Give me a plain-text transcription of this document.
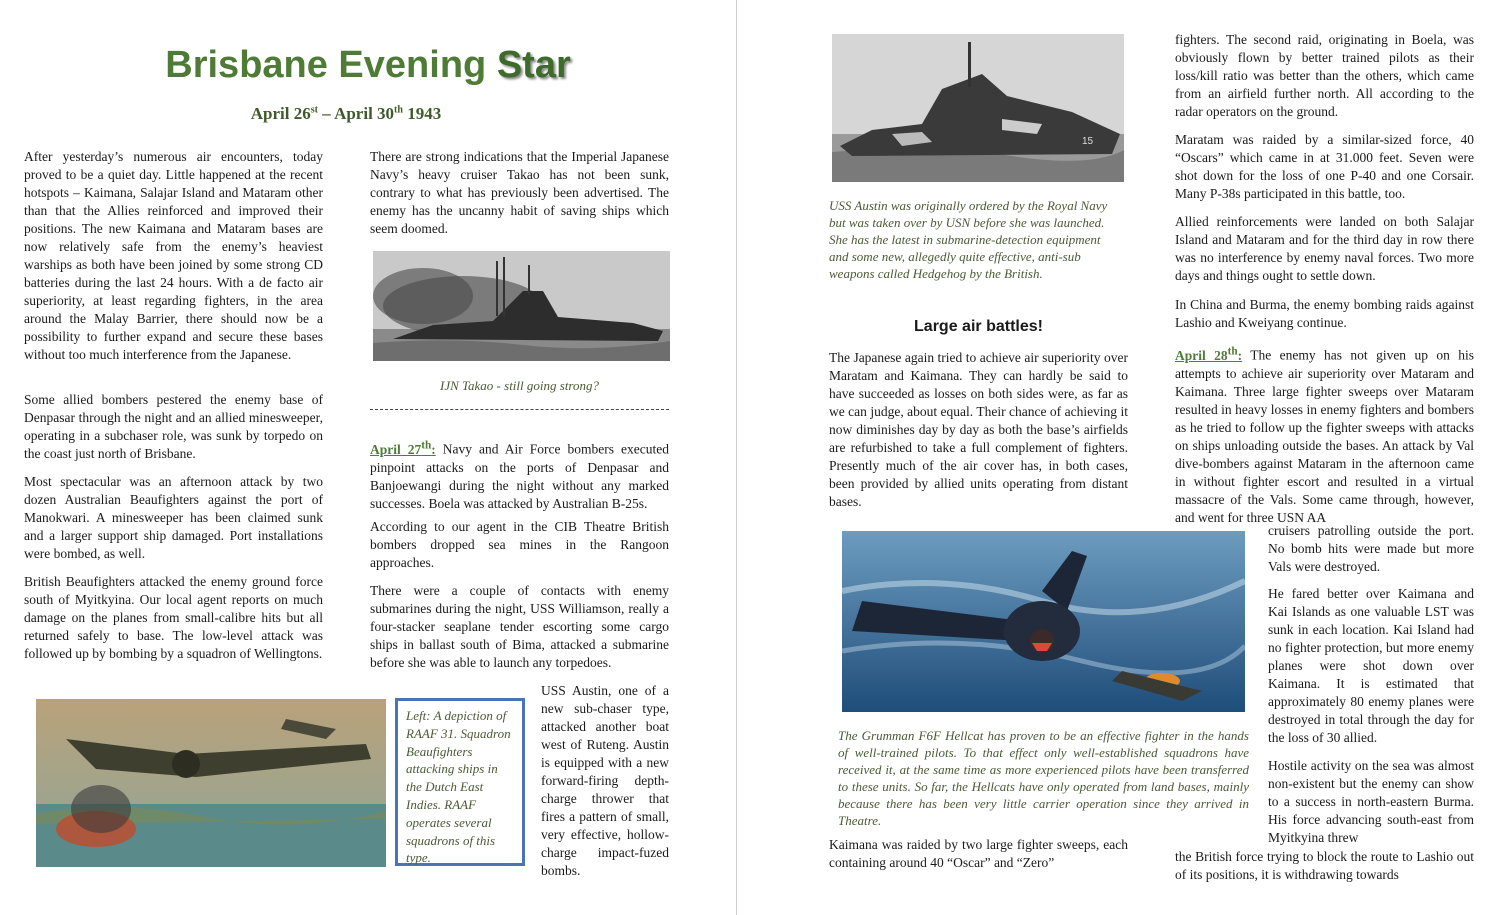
Brisbane Evening Star
April 26st – April 30th 1943

After yesterday’s numerous air encounters, today proved to be a quiet day. Little happened at the recent hotspots – Kaimana, Salajar Island and Mataram other than that the Allies reinforced and improved their positions. The new Kaimana and Mataram bases are now relatively safe from the enemy’s heaviest warships as both have been joined by some strong CD batteries during the last 24 hours. With a de facto air superiority, at least regarding fighters, in the area around the Malay Barrier, there should now be a possibility to further expand and secure these bases without too much interference from the Japanese.

Some allied bombers pestered the enemy base of Denpasar through the night and an allied minesweeper, operating in a subchaser role, was sunk by torpedo on the coast just north of Brisbane.

Most spectacular was an afternoon attack by two dozen Australian Beaufighters against the port of Manokwari. A minesweeper has been claimed sunk and a larger support ship damaged. Port installations were bombed, as well.

British Beaufighters attacked the enemy ground force south of Myitkyina. Our local agent reports on much damage on the planes from small-calibre hits but all returned safely to base. The low-level attack was followed up by bombing by a squadron of Wellingtons.

There are strong indications that the Imperial Japanese Navy’s heavy cruiser Takao has not been sunk, contrary to what has previously been advertised. The enemy has the uncanny habit of saving ships which seem doomed.

IJN Takao - still going strong?

April 27th: Navy and Air Force bombers executed pinpoint attacks on the ports of Denpasar and Banjoewangi during the night without any marked successes. Boela was attacked by Australian B-25s.

According to our agent in the CIB Theatre British bombers dropped sea mines in the Rangoon approaches.

There were a couple of contacts with enemy submarines during the night, USS Williamson, really a four-stacker seaplane tender escorting some cargo ships in ballast south of Bima, attacked a submarine before she was able to launch any torpedoes.

Left: A depiction of RAAF 31. Squadron Beaufighters attacking ships in the Dutch East Indies. RAAF operates several squadrons of this type.

USS Austin, one of a new sub-chaser type, attacked another boat west of Ruteng. Austin is equipped with a new forward-firing depth-charge thrower that fires a pattern of small, very effective, hollow-charge impact-fuzed bombs.

15

USS Austin was originally ordered by the Royal Navy but was taken over by USN before she was launched. She has the latest in submarine-detection equipment and some new, allegedly quite effective, anti-sub weapons called Hedgehog by the British.

Large air battles!

The Japanese again tried to achieve air superiority over Maratam and Kaimana. They can hardly be said to have succeeded as losses on both sides were, as far as we can judge, about equal. Their chance of achieving it now diminishes day by day as both the base’s airfields are refurbished to take a full complement of fighters. Presently much of the air cover has, in both cases, been provided by allied units operating from distant bases.

The Grumman F6F Hellcat has proven to be an effective fighter in the hands of well-trained pilots. To that effect only well-established squadrons have received it, at the same time as more experienced pilots have been transferred to these units. So far, the Hellcats have only operated from land bases, mainly because there has been very little carrier operation since they arrived in Theatre.

Kaimana was raided by two large fighter sweeps, each containing around 40 “Oscar” and “Zero”

fighters. The second raid, originating in Boela, was obviously flown by better trained pilots as their loss/kill ratio was better than the others, which came from an airfield further north. All according to the radar operators on the ground.

Maratam was raided by a similar-sized force, 40 “Oscars” which came in at 31.000 feet. Seven were shot down for the loss of one P-40 and one Corsair. Many P-38s participated in this battle, too.

Allied reinforcements were landed on both Salajar Island and Mataram and for the third day in row there was no interference by enemy naval forces. Two more days and things ought to settle down.

In China and Burma, the enemy bombing raids against Lashio and Kweiyang continue.

April 28th: The enemy has not given up on his attempts to achieve air superiority over Mataram and Kaimana. Three large fighter sweeps over Mataram resulted in heavy losses in enemy fighters and bombers as he tried to follow up the fighter sweeps with attacks on ships unloading outside the bases. An attack by Val dive-bombers against Mataram in the afternoon came in without fighter escort and resulted in a virtual massacre of the Vals. Some came through, however, and went for three USN AA

cruisers patrolling outside the port. No bomb hits were made but more Vals were destroyed.

He fared better over Kaimana and Kai Islands as one valuable LST was sunk in each location. Kai Island had no fighter protection, but more enemy planes were shot down over Kaimana. It is estimated that approximately 80 enemy planes were destroyed in total through the day for the loss of 30 allied.

Hostile activity on the sea was almost non-existent but the enemy can show to a success in north-eastern Burma. His force advancing south-east from Myitkyina threw

the British force trying to block the route to Lashio out of its positions, it is withdrawing towards
